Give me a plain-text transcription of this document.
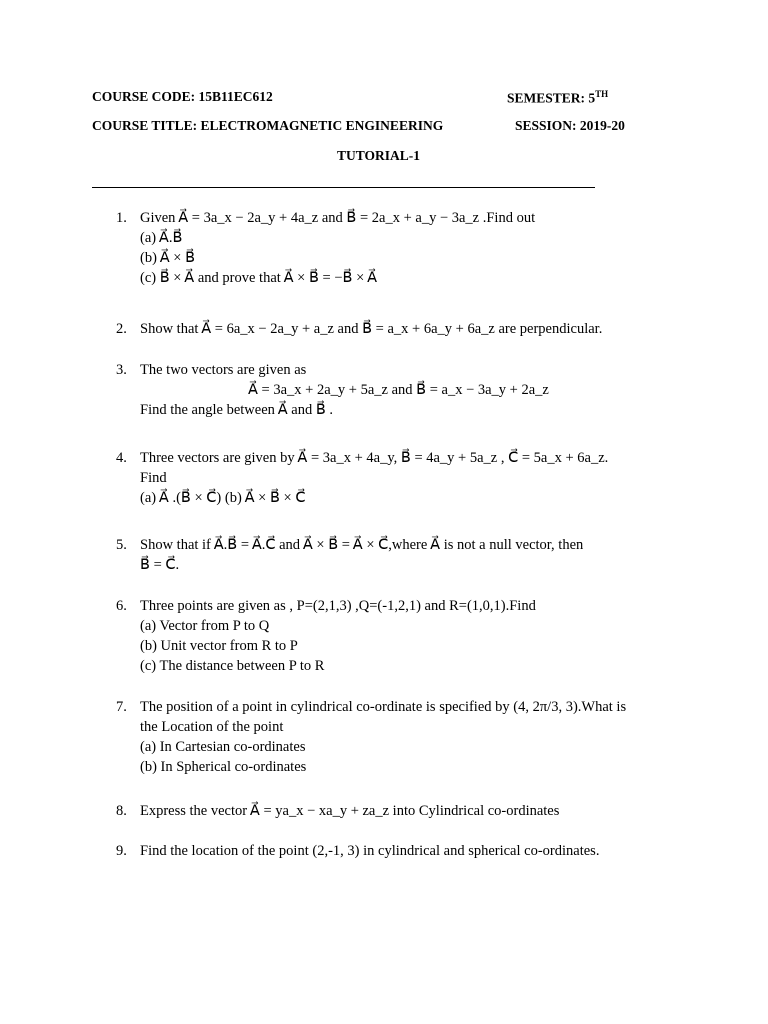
COURSE CODE: 15B11EC612	SEMESTER: 5TH
COURSE TITLE: ELECTROMAGNETIC ENGINEERING	SESSION: 2019-20
TUTORIAL-1
1. Given A⃗ = 3a_x − 2a_y + 4a_z and B⃗ = 2a_x + a_y − 3a_z .Find out
(a) A⃗.B⃗
(b) A⃗ × B⃗
(c) B⃗ × A⃗ and prove that A⃗ × B⃗ = −B⃗ × A⃗
2. Show that A⃗ = 6a_x − 2a_y + a_z and B⃗ = a_x + 6a_y + 6a_z are perpendicular.
3. The two vectors are given as
A⃗ = 3a_x + 2a_y + 5a_z and B⃗ = a_x − 3a_y + 2a_z
Find the angle between A⃗ and B⃗ .
4. Three vectors are given by A⃗ = 3a_x + 4a_y, B⃗ = 4a_y + 5a_z , C⃗ = 5a_x + 6a_z.
Find
(a) A⃗ .(B⃗ × C⃗) (b) A⃗ × B⃗ × C⃗
5. Show that if A⃗.B⃗ = A⃗.C⃗ and A⃗ × B⃗ = A⃗ × C⃗,where A⃗ is not a null vector, then
B⃗ = C⃗.
6. Three points are given as , P=(2,1,3) ,Q=(-1,2,1) and R=(1,0,1).Find
(a) Vector from P to Q
(b) Unit vector from R to P
(c) The distance between P to R
7. The position of a point in cylindrical co-ordinate is specified by (4, 2π/3, 3).What is
the Location of the point
(a) In Cartesian co-ordinates
(b) In Spherical co-ordinates
8. Express the vector A⃗ = ya_x − xa_y + za_z into Cylindrical co-ordinates
9. Find the location of the point (2,-1, 3) in cylindrical and spherical co-ordinates.
